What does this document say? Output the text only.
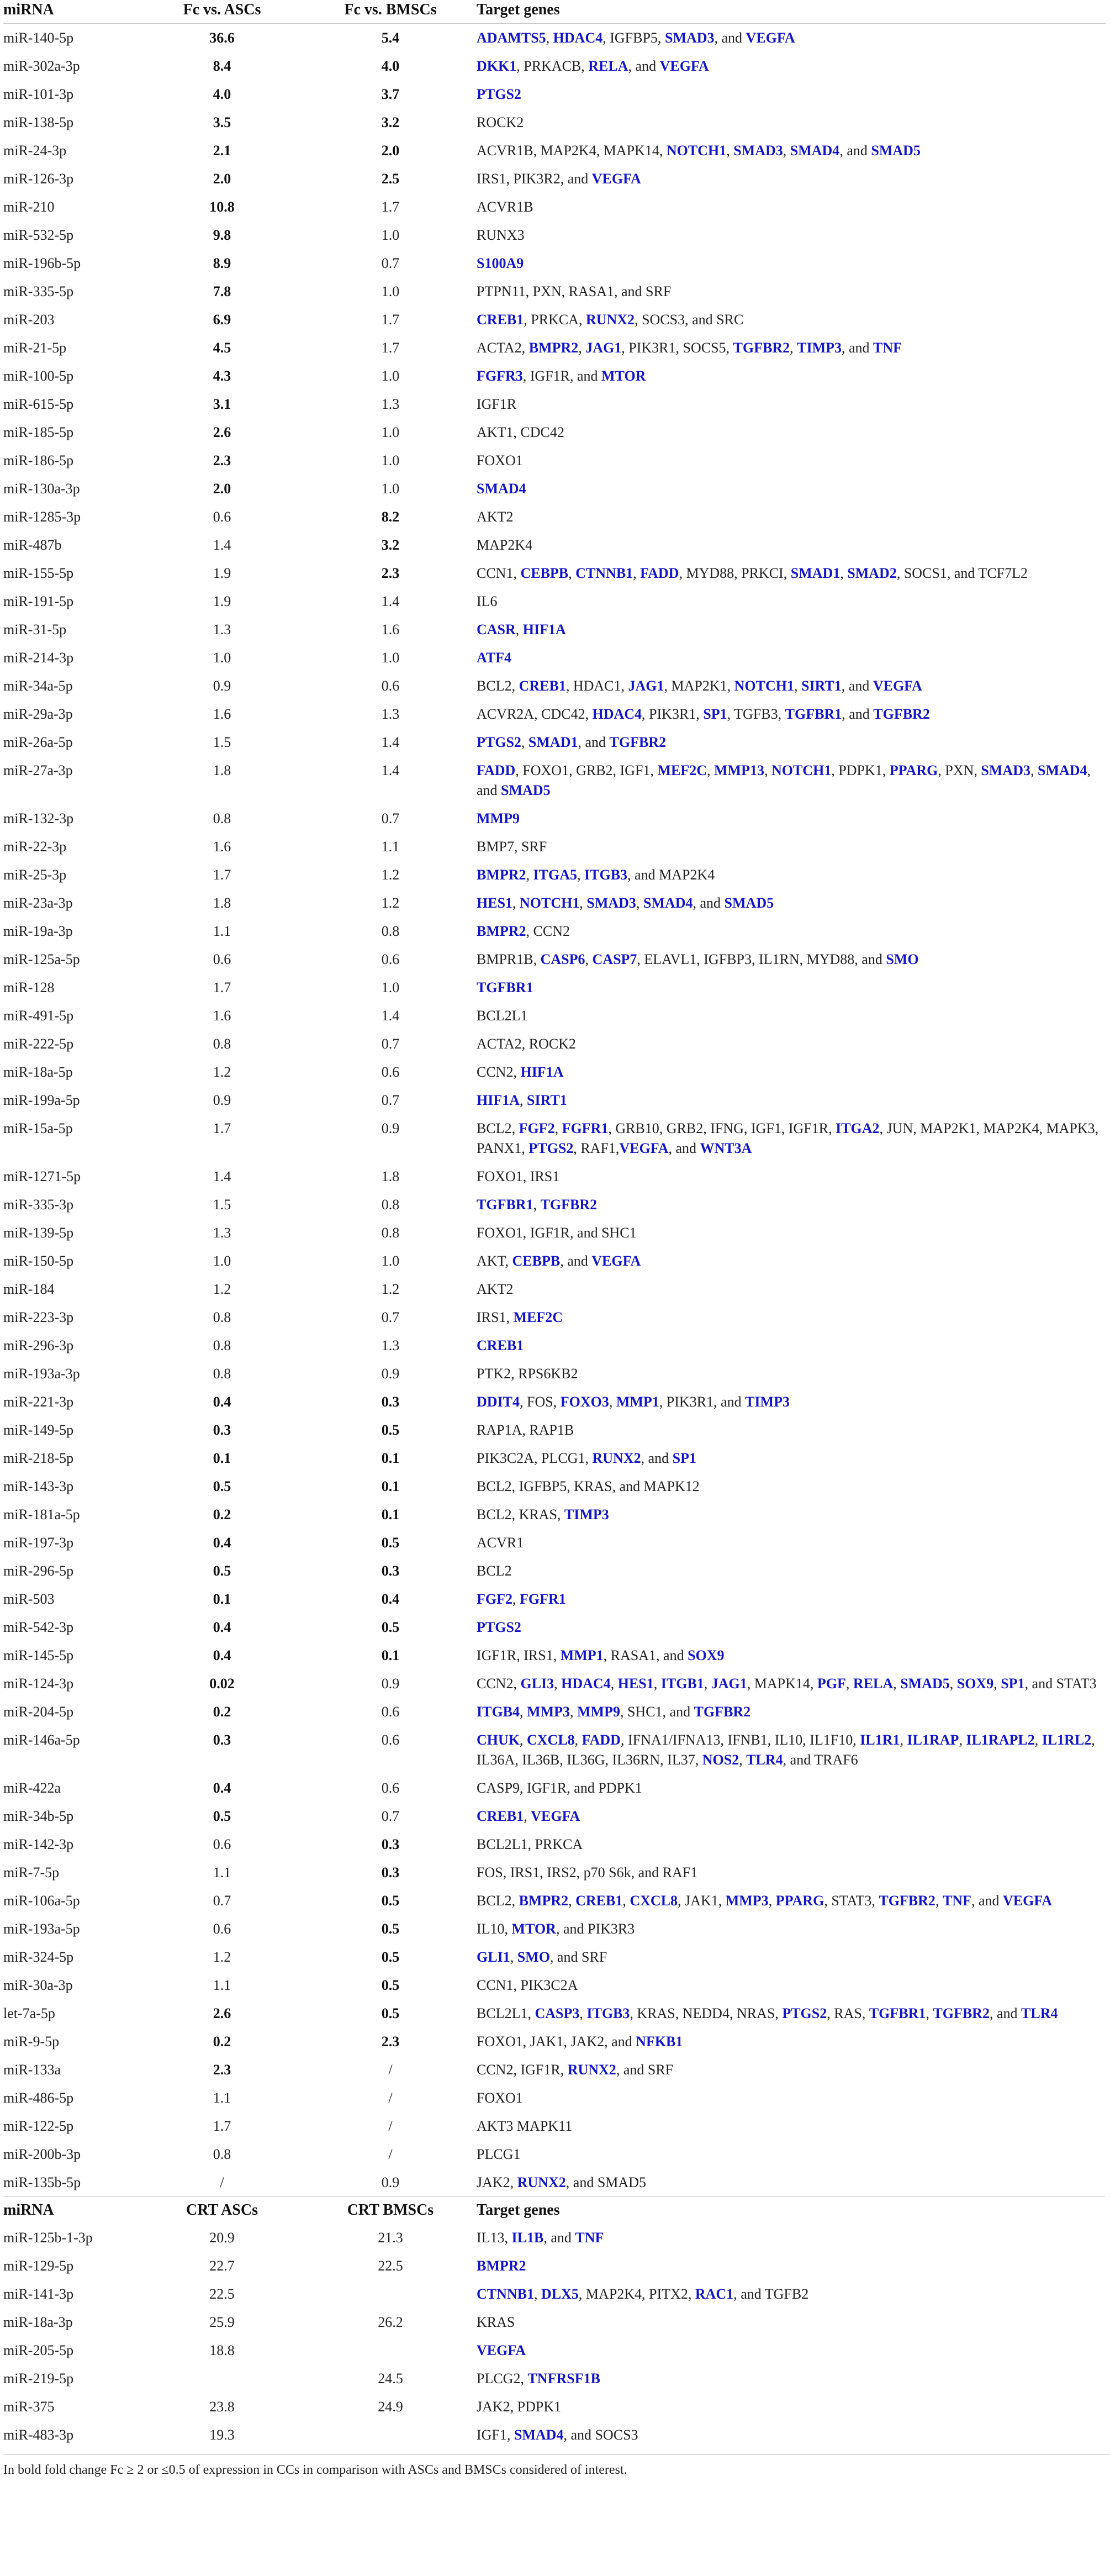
miRNA	Fc vs. ASCs	Fc vs. BMSCs	Target genes
miR-140-5p	36.6	5.4	ADAMTS5, HDAC4, IGFBP5, SMAD3, and VEGFA
miR-302a-3p	8.4	4.0	DKK1, PRKACB, RELA, and VEGFA
miR-101-3p	4.0	3.7	PTGS2
miR-138-5p	3.5	3.2	ROCK2
miR-24-3p	2.1	2.0	ACVR1B, MAP2K4, MAPK14, NOTCH1, SMAD3, SMAD4, and SMAD5
miR-126-3p	2.0	2.5	IRS1, PIK3R2, and VEGFA
miR-210	10.8	1.7	ACVR1B
miR-532-5p	9.8	1.0	RUNX3
miR-196b-5p	8.9	0.7	S100A9
miR-335-5p	7.8	1.0	PTPN11, PXN, RASA1, and SRF
miR-203	6.9	1.7	CREB1, PRKCA, RUNX2, SOCS3, and SRC
miR-21-5p	4.5	1.7	ACTA2, BMPR2, JAG1, PIK3R1, SOCS5, TGFBR2, TIMP3, and TNF
miR-100-5p	4.3	1.0	FGFR3, IGF1R, and MTOR
miR-615-5p	3.1	1.3	IGF1R
miR-185-5p	2.6	1.0	AKT1, CDC42
miR-186-5p	2.3	1.0	FOXO1
miR-130a-3p	2.0	1.0	SMAD4
miR-1285-3p	0.6	8.2	AKT2
miR-487b	1.4	3.2	MAP2K4
miR-155-5p	1.9	2.3	CCN1, CEBPB, CTNNB1, FADD, MYD88, PRKCI, SMAD1, SMAD2, SOCS1, and TCF7L2
miR-191-5p	1.9	1.4	IL6
miR-31-5p	1.3	1.6	CASR, HIF1A
miR-214-3p	1.0	1.0	ATF4
miR-34a-5p	0.9	0.6	BCL2, CREB1, HDAC1, JAG1, MAP2K1, NOTCH1, SIRT1, and VEGFA
miR-29a-3p	1.6	1.3	ACVR2A, CDC42, HDAC4, PIK3R1, SP1, TGFB3, TGFBR1, and TGFBR2
miR-26a-5p	1.5	1.4	PTGS2, SMAD1, and TGFBR2
miR-27a-3p	1.8	1.4	FADD, FOXO1, GRB2, IGF1, MEF2C, MMP13, NOTCH1, PDPK1, PPARG, PXN, SMAD3, SMAD4, and SMAD5
miR-132-3p	0.8	0.7	MMP9
miR-22-3p	1.6	1.1	BMP7, SRF
miR-25-3p	1.7	1.2	BMPR2, ITGA5, ITGB3, and MAP2K4
miR-23a-3p	1.8	1.2	HES1, NOTCH1, SMAD3, SMAD4, and SMAD5
miR-19a-3p	1.1	0.8	BMPR2, CCN2
miR-125a-5p	0.6	0.6	BMPR1B, CASP6, CASP7, ELAVL1, IGFBP3, IL1RN, MYD88, and SMO
miR-128	1.7	1.0	TGFBR1
miR-491-5p	1.6	1.4	BCL2L1
miR-222-5p	0.8	0.7	ACTA2, ROCK2
miR-18a-5p	1.2	0.6	CCN2, HIF1A
miR-199a-5p	0.9	0.7	HIF1A, SIRT1
miR-15a-5p	1.7	0.9	BCL2, FGF2, FGFR1, GRB10, GRB2, IFNG, IGF1, IGF1R, ITGA2, JUN, MAP2K1, MAP2K4, MAPK3, PANX1, PTGS2, RAF1,VEGFA, and WNT3A
miR-1271-5p	1.4	1.8	FOXO1, IRS1
miR-335-3p	1.5	0.8	TGFBR1, TGFBR2
miR-139-5p	1.3	0.8	FOXO1, IGF1R, and SHC1
miR-150-5p	1.0	1.0	AKT, CEBPB, and VEGFA
miR-184	1.2	1.2	AKT2
miR-223-3p	0.8	0.7	IRS1, MEF2C
miR-296-3p	0.8	1.3	CREB1
miR-193a-3p	0.8	0.9	PTK2, RPS6KB2
miR-221-3p	0.4	0.3	DDIT4, FOS, FOXO3, MMP1, PIK3R1, and TIMP3
miR-149-5p	0.3	0.5	RAP1A, RAP1B
miR-218-5p	0.1	0.1	PIK3C2A, PLCG1, RUNX2, and SP1
miR-143-3p	0.5	0.1	BCL2, IGFBP5, KRAS, and MAPK12
miR-181a-5p	0.2	0.1	BCL2, KRAS, TIMP3
miR-197-3p	0.4	0.5	ACVR1
miR-296-5p	0.5	0.3	BCL2
miR-503	0.1	0.4	FGF2, FGFR1
miR-542-3p	0.4	0.5	PTGS2
miR-145-5p	0.4	0.1	IGF1R, IRS1, MMP1, RASA1, and SOX9
miR-124-3p	0.02	0.9	CCN2, GLI3, HDAC4, HES1, ITGB1, JAG1, MAPK14, PGF, RELA, SMAD5, SOX9, SP1, and STAT3
miR-204-5p	0.2	0.6	ITGB4, MMP3, MMP9, SHC1, and TGFBR2
miR-146a-5p	0.3	0.6	CHUK, CXCL8, FADD, IFNA1/IFNA13, IFNB1, IL10, IL1F10, IL1R1, IL1RAP, IL1RAPL2, IL1RL2, IL36A, IL36B, IL36G, IL36RN, IL37, NOS2, TLR4, and TRAF6
miR-422a	0.4	0.6	CASP9, IGF1R, and PDPK1
miR-34b-5p	0.5	0.7	CREB1, VEGFA
miR-142-3p	0.6	0.3	BCL2L1, PRKCA
miR-7-5p	1.1	0.3	FOS, IRS1, IRS2, p70 S6k, and RAF1
miR-106a-5p	0.7	0.5	BCL2, BMPR2, CREB1, CXCL8, JAK1, MMP3, PPARG, STAT3, TGFBR2, TNF, and VEGFA
miR-193a-5p	0.6	0.5	IL10, MTOR, and PIK3R3
miR-324-5p	1.2	0.5	GLI1, SMO, and SRF
miR-30a-3p	1.1	0.5	CCN1, PIK3C2A
let-7a-5p	2.6	0.5	BCL2L1, CASP3, ITGB3, KRAS, NEDD4, NRAS, PTGS2, RAS, TGFBR1, TGFBR2, and TLR4
miR-9-5p	0.2	2.3	FOXO1, JAK1, JAK2, and NFKB1
miR-133a	2.3	/	CCN2, IGF1R, RUNX2, and SRF
miR-486-5p	1.1	/	FOXO1
miR-122-5p	1.7	/	AKT3 MAPK11
miR-200b-3p	0.8	/	PLCG1
miR-135b-5p	/	0.9	JAK2, RUNX2, and SMAD5
miRNA	CRT ASCs	CRT BMSCs	Target genes
miR-125b-1-3p	20.9	21.3	IL13, IL1B, and TNF
miR-129-5p	22.7	22.5	BMPR2
miR-141-3p	22.5		CTNNB1, DLX5, MAP2K4, PITX2, RAC1, and TGFB2
miR-18a-3p	25.9	26.2	KRAS
miR-205-5p	18.8		VEGFA
miR-219-5p		24.5	PLCG2, TNFRSF1B
miR-375	23.8	24.9	JAK2, PDPK1
miR-483-3p	19.3		IGF1, SMAD4, and SOCS3
In bold fold change Fc ≥ 2 or ≤0.5 of expression in CCs in comparison with ASCs and BMSCs considered of interest.
